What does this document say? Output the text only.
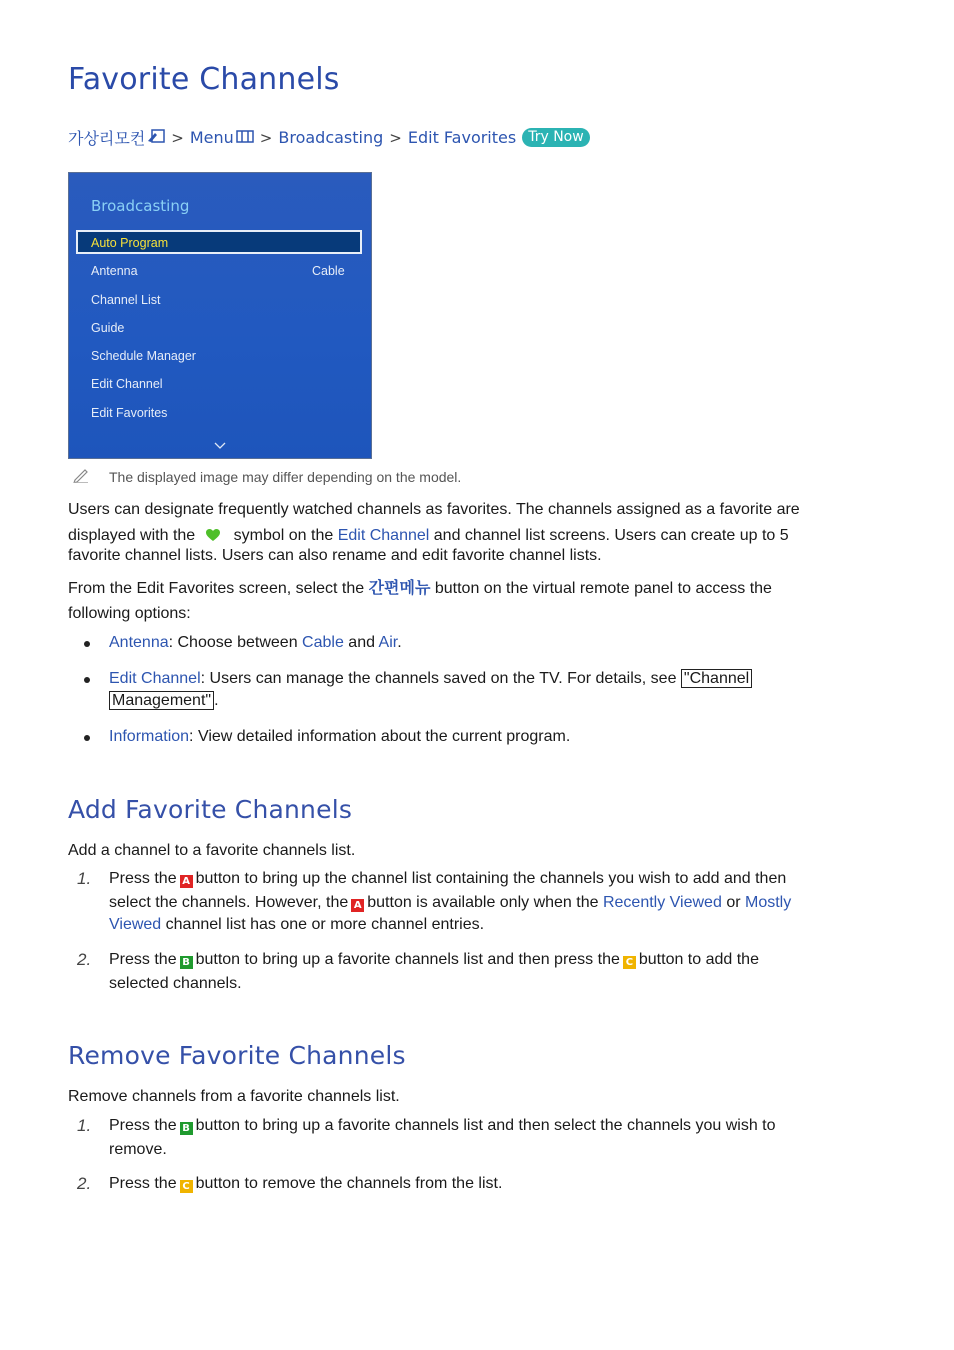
Favorite Channels
가상리모컨 > Menu > Broadcasting > Edit Favorites Try Now
Broadcasting
Auto Program
Antenna	Cable
Channel List
Guide
Schedule Manager
Edit Channel
Edit Favorites
The displayed image may differ depending on the model.
Users can designate frequently watched channels as favorites. The channels assigned as a favorite are
displayed with the symbol on the Edit Channel and channel list screens. Users can create up to 5
favorite channel lists. Users can also rename and edit favorite channel lists.
From the Edit Favorites screen, select the 간편메뉴 button on the virtual remote panel to access the
following options:
Antenna: Choose between Cable and Air.
Edit Channel: Users can manage the channels saved on the TV. For details, see "Channel
Management" .
Information: View detailed information about the current program.
Add Favorite Channels
Add a channel to a favorite channels list.
1. Press the A button to bring up the channel list containing the channels you wish to add and then
select the channels. However, the A button is available only when the Recently Viewed or Mostly
Viewed channel list has one or more channel entries.
2. Press the B button to bring up a favorite channels list and then press the C button to add the
selected channels.
Remove Favorite Channels
Remove channels from a favorite channels list.
1. Press the B button to bring up a favorite channels list and then select the channels you wish to
remove.
2. Press the C button to remove the channels from the list.
